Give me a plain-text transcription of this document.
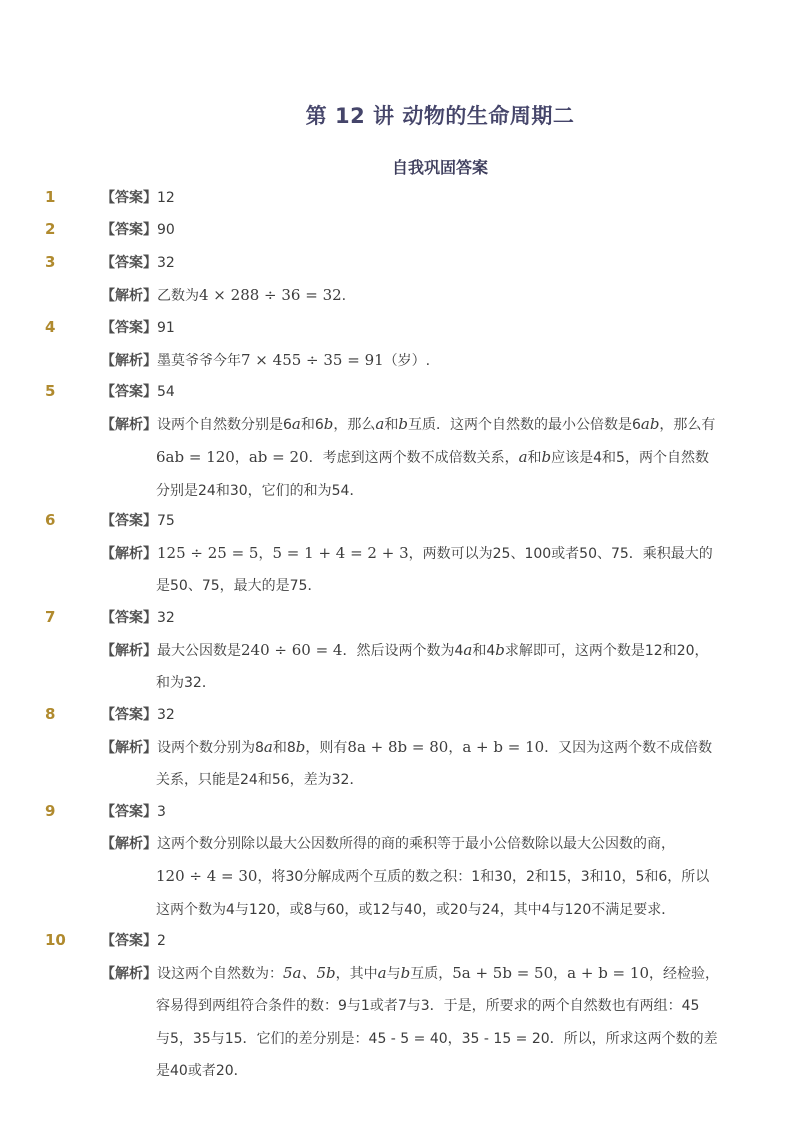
第 12 讲 动物的生命周期二
自我巩固答案
1	【答案】12
2	【答案】90
3	【答案】32
【解析】乙数为4 × 288 ÷ 36 = 32.
4	【答案】91
【解析】墨莫爷爷今年7 × 455 ÷ 35 = 91（岁）.
5	【答案】54
【解析】设两个自然数分别是6a和6b，那么a和b互质．这两个自然数的最小公倍数是6ab，那么有
6ab = 120，ab = 20．考虑到这两个数不成倍数关系，a和b应该是4和5，两个自然数
分别是24和30，它们的和为54．
6	【答案】75
【解析】125 ÷ 25 = 5，5 = 1 + 4 = 2 + 3，两数可以为25、100或者50、75．乘积最大的
是50、75，最大的是75．
7	【答案】32
【解析】最大公因数是240 ÷ 60 = 4．然后设两个数为4a和4b求解即可，这两个数是12和20，
和为32．
8	【答案】32
【解析】设两个数分别为8a和8b，则有8a + 8b = 80，a + b = 10．又因为这两个数不成倍数
关系，只能是24和56，差为32．
9	【答案】3
【解析】这两个数分别除以最大公因数所得的商的乘积等于最小公倍数除以最大公因数的商，
120 ÷ 4 = 30，将30分解成两个互质的数之积：1和30，2和15，3和10，5和6，所以
这两个数为4与120，或8与60，或12与40，或20与24，其中4与120不满足要求．
10	【答案】2
【解析】设这两个自然数为：5a、5b，其中a与b互质，5a + 5b = 50，a + b = 10，经检验，
容易得到两组符合条件的数：9与1或者7与3．于是，所要求的两个自然数也有两组：45
与5，35与15．它们的差分别是：45 - 5 = 40，35 - 15 = 20．所以，所求这两个数的差
是40或者20．
